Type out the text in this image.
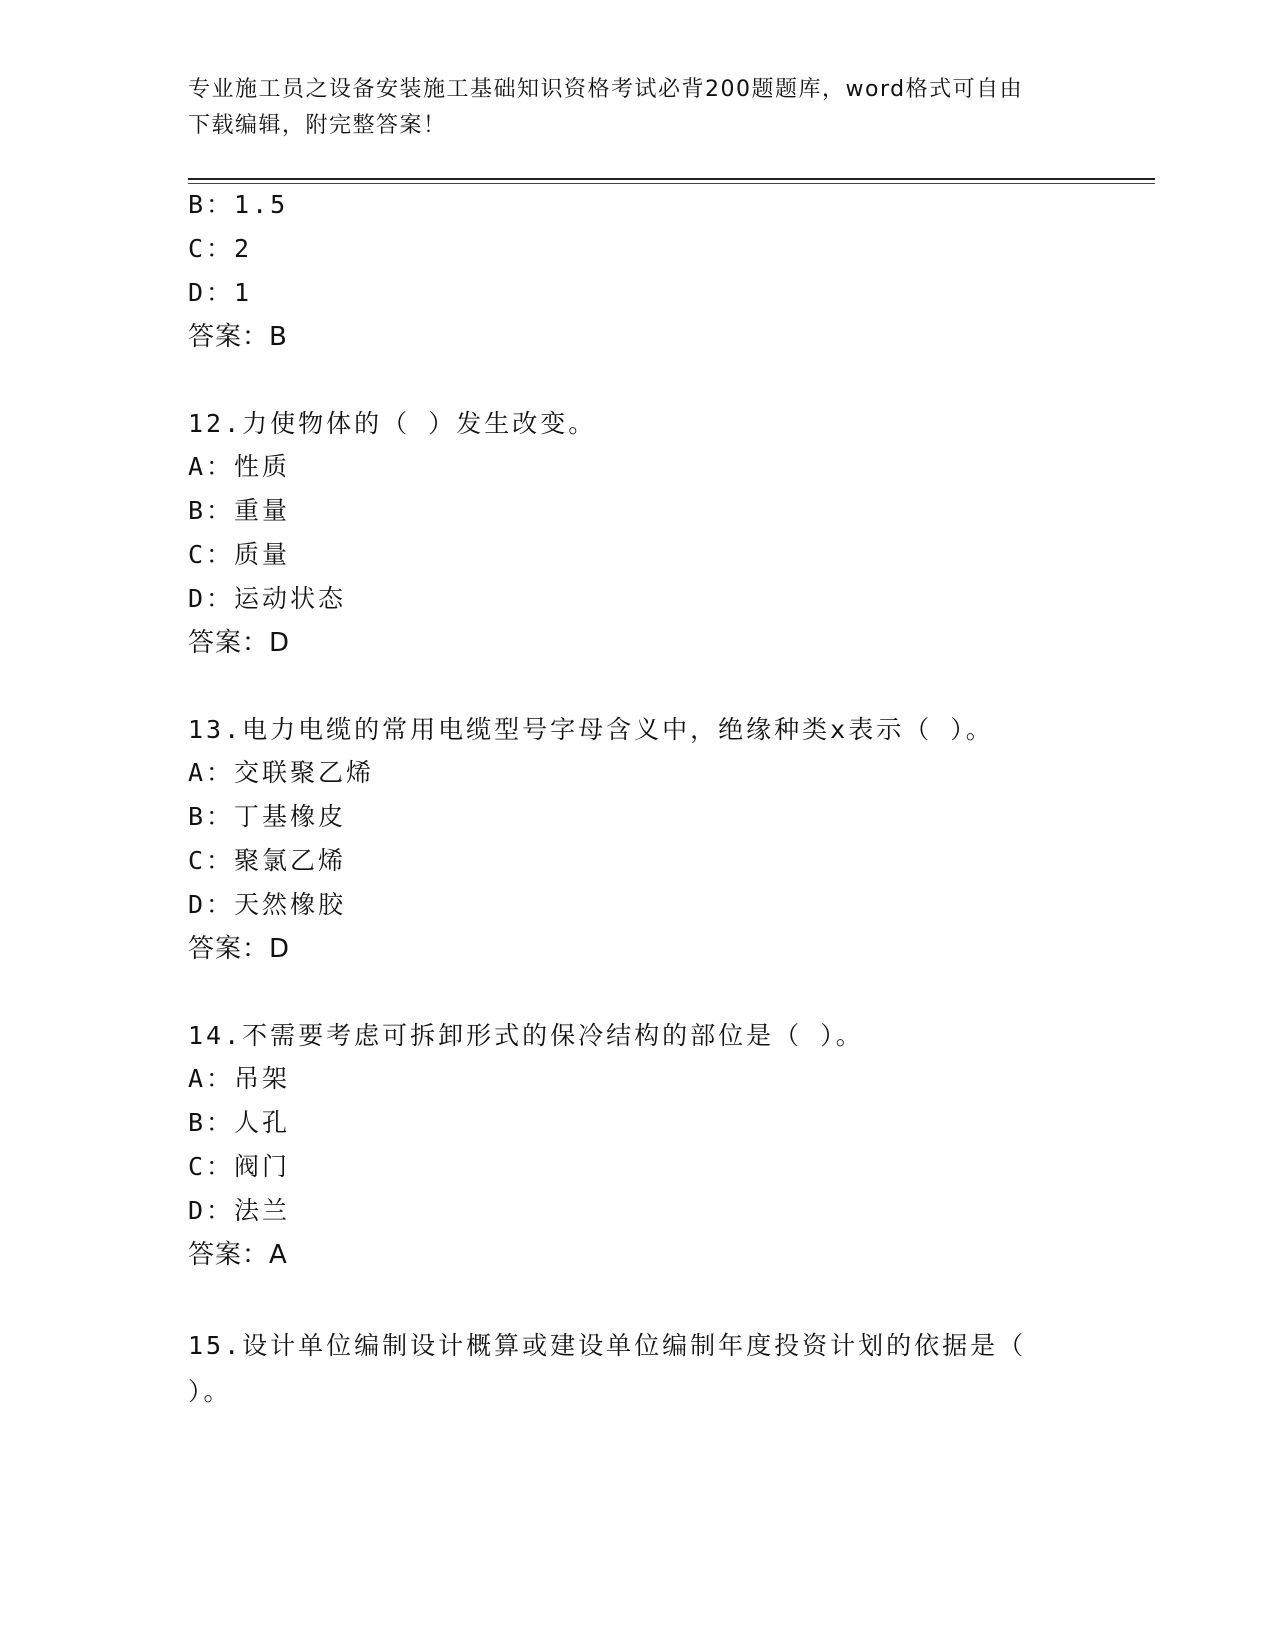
专业施工员之设备安装施工基础知识资格考试必背200题题库，word格式可自由
下载编辑，附完整答案！
B：1.5
C：2
D：1
答案：B
12.力使物体的（ ）发生改变。
A：性质
B：重量
C：质量
D：运动状态
答案：D
13.电力电缆的常用电缆型号字母含义中，绝缘种类x表示（ ）。
A：交联聚乙烯
B：丁基橡皮
C：聚氯乙烯
D：天然橡胶
答案：D
14.不需要考虑可拆卸形式的保冷结构的部位是（ ）。
A：吊架
B：人孔
C：阀门
D：法兰
答案：A
15.设计单位编制设计概算或建设单位编制年度投资计划的依据是（
）。
